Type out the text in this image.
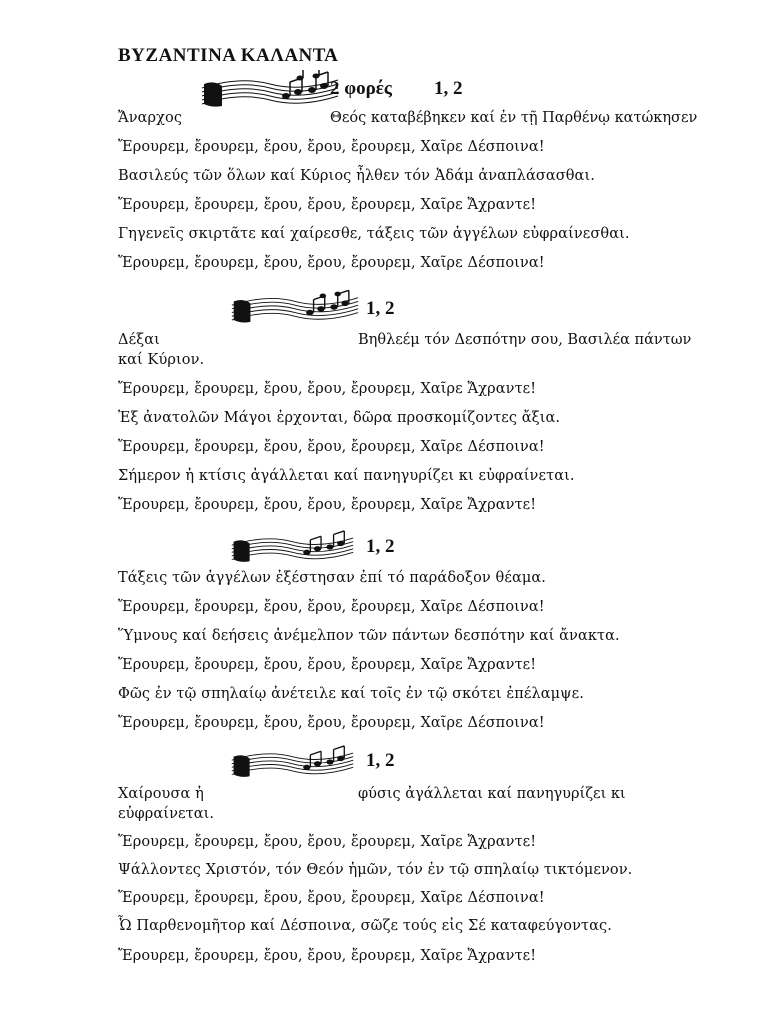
ΒΥΖΑΝΤΙΝΑ ΚΑΛΑΝΤΑ
2 φορές 1, 2
Ἄναρχος	Θεός καταβέβηκεν καί ἐν τῇ Παρθένῳ κατώκησεν
Ἔρουρεμ, ἔρουρεμ, ἔρου, ἔρου, ἔρουρεμ, Χαῖρε Δέσποινα!
Βασιλεύς τῶν ὅλων καί Κύριος ἦλθεν τόν Ἀδάμ ἀναπλάσασθαι.
Ἔρουρεμ, ἔρουρεμ, ἔρου, ἔρου, ἔρουρεμ, Χαῖρε Ἄχραντε!
Γηγενεῖς σκιρτᾶτε καί χαίρεσθε, τάξεις τῶν ἀγγέλων εὐφραίνεσθαι.
Ἔρουρεμ, ἔρουρεμ, ἔρου, ἔρου, ἔρουρεμ, Χαῖρε Δέσποινα!
1, 2
Δέξαι	Βηθλεέμ τόν Δεσπότην σου, Βασιλέα πάντων
καί Κύριον.
Ἔρουρεμ, ἔρουρεμ, ἔρου, ἔρου, ἔρουρεμ, Χαῖρε Ἄχραντε!
Ἐξ ἀνατολῶν Μάγοι ἐρχονται, δῶρα προσκομίζοντες ἄξια.
Ἔρουρεμ, ἔρουρεμ, ἔρου, ἔρου, ἔρουρεμ, Χαῖρε Δέσποινα!
Σήμερον ἡ κτίσις ἀγάλλεται καί πανηγυρίζει κι εὐφραίνεται.
Ἔρουρεμ, ἔρουρεμ, ἔρου, ἔρου, ἔρουρεμ, Χαῖρε Ἄχραντε!
1, 2
Τάξεις τῶν ἀγγέλων ἐξέστησαν ἐπί τό παράδοξον θέαμα.
Ἔρουρεμ, ἔρουρεμ, ἔρου, ἔρου, ἔρουρεμ, Χαῖρε Δέσποινα!
Ὕμνους καί δεήσεις ἀνέμελπον τῶν πάντων δεσπότην καί ἄνακτα.
Ἔρουρεμ, ἔρουρεμ, ἔρου, ἔρου, ἔρουρεμ, Χαῖρε Ἄχραντε!
Φῶς ἐν τῷ σπηλαίῳ ἀνέτειλε καί τοῖς ἐν τῷ σκότει ἐπέλαμψε.
Ἔρουρεμ, ἔρουρεμ, ἔρου, ἔρου, ἔρουρεμ, Χαῖρε Δέσποινα!
1, 2
Χαίρουσα ἡ	φύσις ἀγάλλεται καί πανηγυρίζει κι
εὐφραίνεται.
Ἔρουρεμ, ἔρουρεμ, ἔρου, ἔρου, ἔρουρεμ, Χαῖρε Ἄχραντε!
Ψάλλοντες Χριστόν, τόν Θεόν ἡμῶν, τόν ἐν τῷ σπηλαίῳ τικτόμενον.
Ἔρουρεμ, ἔρουρεμ, ἔρου, ἔρου, ἔρουρεμ, Χαῖρε Δέσποινα!
Ὦ Παρθενομῆτορ καί Δέσποινα, σῶζε τούς εἰς Σέ καταφεύγοντας.
Ἔρουρεμ, ἔρουρεμ, ἔρου, ἔρου, ἔρουρεμ, Χαῖρε Ἄχραντε!
